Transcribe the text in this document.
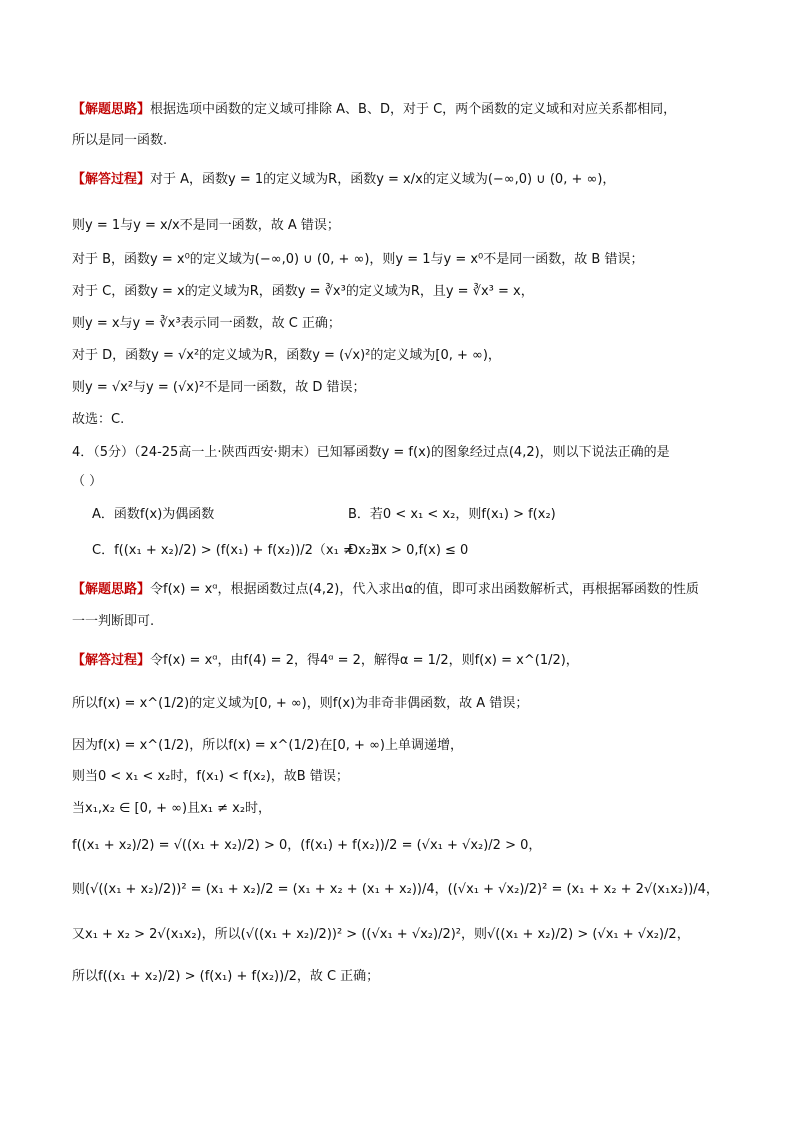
【解题思路】根据选项中函数的定义域可排除 A、B、D，对于 C，两个函数的定义域和对应关系都相同，
所以是同一函数.
【解答过程】对于 A，函数y = 1的定义域为R，函数y = x/x的定义域为(−∞,0) ∪ (0, + ∞)，
则y = 1与y = x/x不是同一函数，故 A 错误；
对于 B，函数y = x⁰的定义域为(−∞,0) ∪ (0, + ∞)，则y = 1与y = x⁰不是同一函数，故 B 错误；
对于 C，函数y = x的定义域为R，函数y = ∛x³的定义域为R，且y = ∛x³ = x，
则y = x与y = ∛x³表示同一函数，故 C 正确；
对于 D，函数y = √x²的定义域为R，函数y = (√x)²的定义域为[0, + ∞)，
则y = √x²与y = (√x)²不是同一函数，故 D 错误；
故选：C.
4．（5分）（24-25高一上·陕西西安·期末）已知幂函数y = f(x)的图象经过点(4,2)，则以下说法正确的是
（ ）
A．函数f(x)为偶函数	B．若0 < x₁ < x₂，则f(x₁) > f(x₂)
C．f((x₁ + x₂)/2) > (f(x₁) + f(x₂))/2（x₁ ≠ x₂）
D．∃x > 0,f(x) ≤ 0
【解题思路】令f(x) = xᵅ，根据函数过点(4,2)，代入求出α的值，即可求出函数解析式，再根据幂函数的性质
一一判断即可.
【解答过程】令f(x) = xᵅ，由f(4) = 2，得4ᵅ = 2，解得α = 1/2，则f(x) = x^(1/2)，
所以f(x) = x^(1/2)的定义域为[0, + ∞)，则f(x)为非奇非偶函数，故 A 错误；
因为f(x) = x^(1/2)，所以f(x) = x^(1/2)在[0, + ∞)上单调递增，
则当0 < x₁ < x₂时，f(x₁) < f(x₂)，故B 错误；
当x₁,x₂ ∈ [0, + ∞)且x₁ ≠ x₂时，
f((x₁ + x₂)/2) = √((x₁ + x₂)/2) > 0，(f(x₁) + f(x₂))/2 = (√x₁ + √x₂)/2 > 0，
则(√((x₁ + x₂)/2))² = (x₁ + x₂)/2 = (x₁ + x₂ + (x₁ + x₂))/4，((√x₁ + √x₂)/2)² = (x₁ + x₂ + 2√(x₁x₂))/4，
又x₁ + x₂ > 2√(x₁x₂)，所以(√((x₁ + x₂)/2))² > ((√x₁ + √x₂)/2)²，则√((x₁ + x₂)/2) > (√x₁ + √x₂)/2，
所以f((x₁ + x₂)/2) > (f(x₁) + f(x₂))/2，故 C 正确；
